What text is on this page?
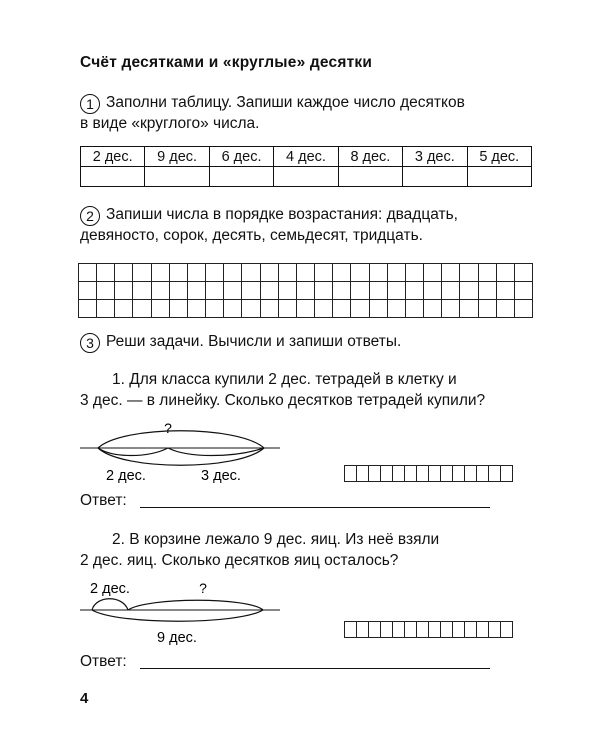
Счёт десятками и «круглые» десятки
1 Заполни таблицу. Запиши каждое число десятков
в виде «круглого» числа.
2 дес.	9 дес.	6 дес.	4 дес.	8 дес.	3 дес.	5 дес.

2 Запиши числа в порядке возрастания: двадцать,
девяносто, сорок, десять, семьдесят, тридцать.
3 Реши задачи. Вычисли и запиши ответы.
1. Для класса купили 2 дес. тетрадей в клетку и
3 дес. — в линейку. Сколько десятков тетрадей купили?
?
2 дес.	3 дес.
Ответ:
2. В корзине лежало 9 дес. яиц. Из неё взяли
2 дес. яиц. Сколько десятков яиц осталось?
2 дес.	?
9 дес.
Ответ:
4
